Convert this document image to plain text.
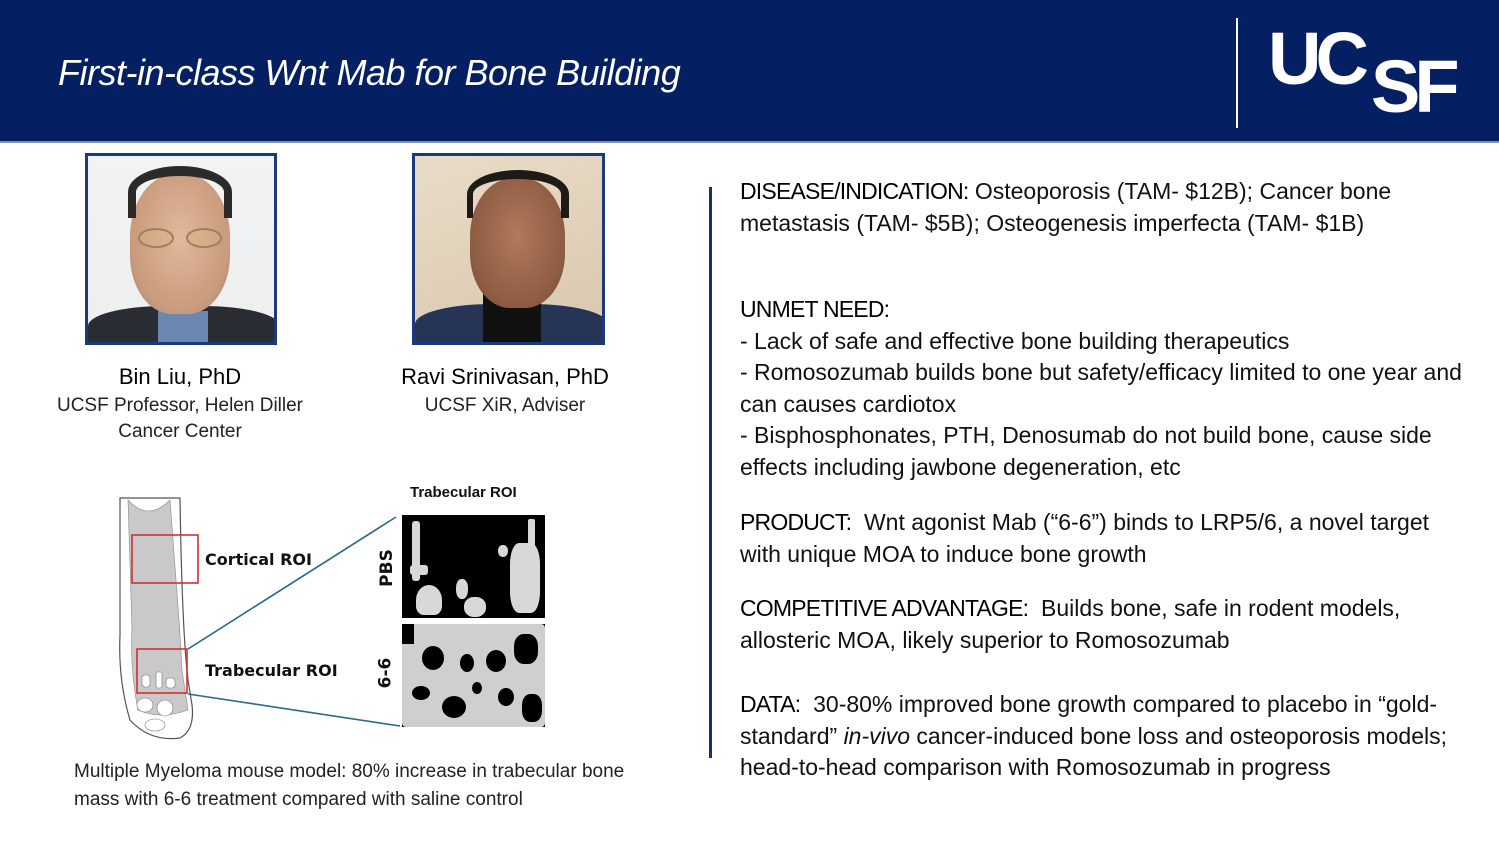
First-in-class Wnt Mab for Bone Building	UC SF
Bin Liu, PhD
UCSF Professor, Helen Diller Cancer Center
Ravi Srinivasan, PhD
UCSF XiR, Adviser
Trabecular ROI
Cortical ROI
Trabecular ROI
PBS
6-6
Multiple Myeloma mouse model: 80% increase in trabecular bone mass with 6-6 treatment compared with saline control

DISEASE/INDICATION: Osteoporosis (TAM- $12B); Cancer bone metastasis (TAM- $5B); Osteogenesis imperfecta (TAM- $1B)

UNMET NEED:

- Lack of safe and effective bone building therapeutics

- Romosozumab builds bone but safety/efficacy limited to one year and can causes cardiotox

- Bisphosphonates, PTH, Denosumab do not build bone, cause side effects including jawbone degeneration, etc

PRODUCT:  Wnt agonist Mab (“6-6”) binds to LRP5/6, a novel target with unique MOA to induce bone growth

COMPETITIVE ADVANTAGE:  Builds bone, safe in rodent models, allosteric MOA, likely superior to Romosozumab

DATA:  30-80% improved bone growth compared to placebo in “gold-standard” in-vivo cancer-induced bone loss and osteoporosis models; head-to-head comparison with Romosozumab in progress
